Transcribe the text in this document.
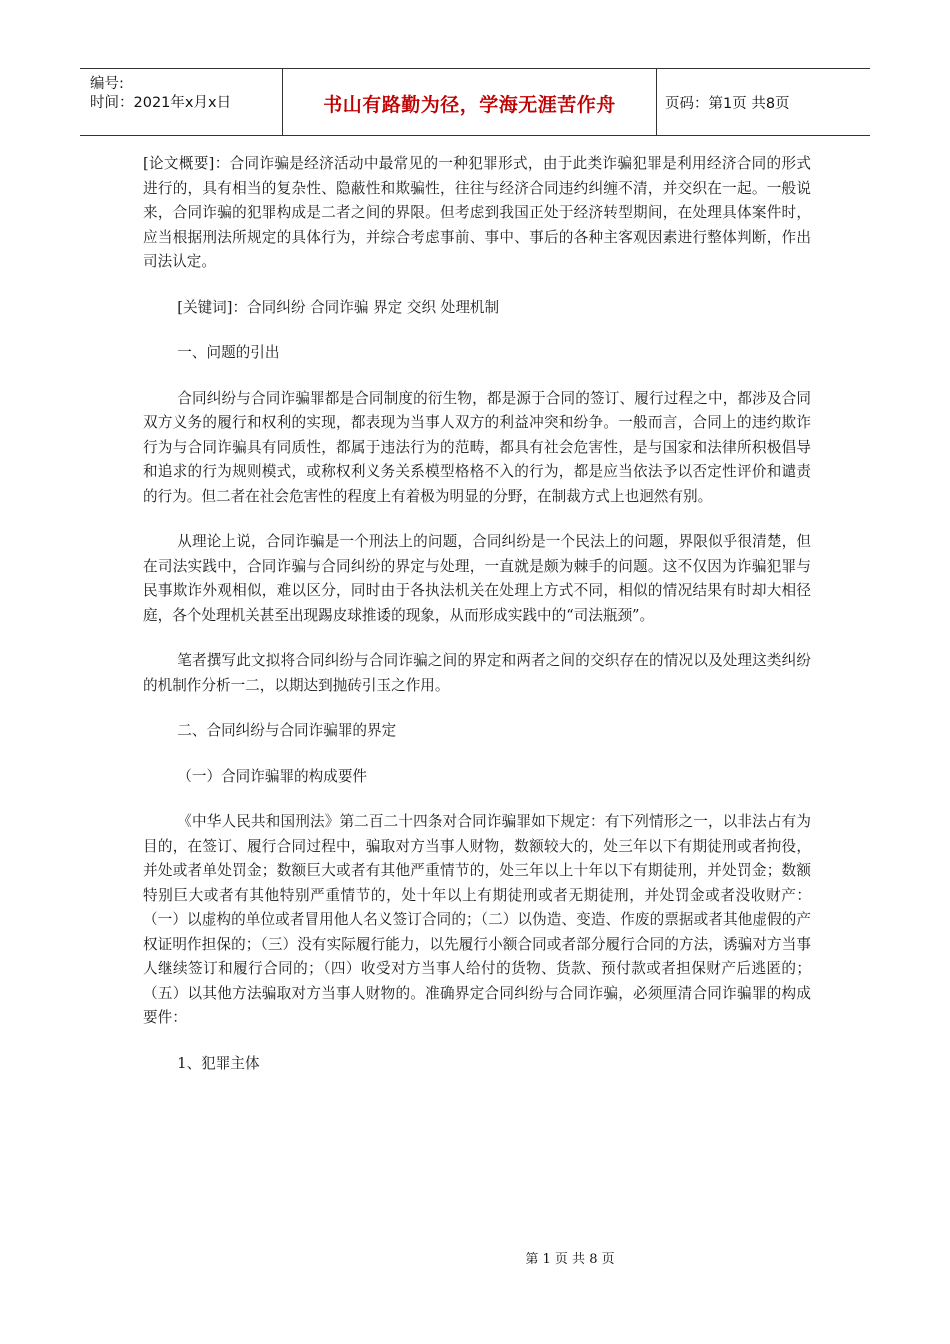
编号:
时间：2021年x月x日	书山有路勤为径，学海无涯苦作舟	页码：第1页 共8页

[论文概要]：合同诈骗是经济活动中最常见的一种犯罪形式，由于此类诈骗犯罪是利用经济合同的形式进行的，具有相当的复杂性、隐蔽性和欺骗性，往往与经济合同违约纠缠不清，并交织在一起。一般说来，合同诈骗的犯罪构成是二者之间的界限。但考虑到我国正处于经济转型期间，在处理具体案件时，应当根据刑法所规定的具体行为，并综合考虑事前、事中、事后的各种主客观因素进行整体判断，作出司法认定。

[关键词]：合同纠纷 合同诈骗 界定 交织 处理机制

一、问题的引出

合同纠纷与合同诈骗罪都是合同制度的衍生物，都是源于合同的签订、履行过程之中，都涉及合同双方义务的履行和权利的实现，都表现为当事人双方的利益冲突和纷争。一般而言，合同上的违约欺诈行为与合同诈骗具有同质性，都属于违法行为的范畴，都具有社会危害性，是与国家和法律所积极倡导和追求的行为规则模式，或称权利义务关系模型格格不入的行为，都是应当依法予以否定性评价和谴责的行为。但二者在社会危害性的程度上有着极为明显的分野，在制裁方式上也迥然有别。

从理论上说，合同诈骗是一个刑法上的问题，合同纠纷是一个民法上的问题，界限似乎很清楚，但在司法实践中，合同诈骗与合同纠纷的界定与处理，一直就是颇为棘手的问题。这不仅因为诈骗犯罪与民事欺诈外观相似，难以区分，同时由于各执法机关在处理上方式不同，相似的情况结果有时却大相径庭，各个处理机关甚至出现踢皮球推诿的现象，从而形成实践中的“司法瓶颈”。

笔者撰写此文拟将合同纠纷与合同诈骗之间的界定和两者之间的交织存在的情况以及处理这类纠纷的机制作分析一二，以期达到抛砖引玉之作用。

二、合同纠纷与合同诈骗罪的界定

（一）合同诈骗罪的构成要件

《中华人民共和国刑法》第二百二十四条对合同诈骗罪如下规定：有下列情形之一，以非法占有为目的，在签订、履行合同过程中，骗取对方当事人财物，数额较大的，处三年以下有期徒刑或者拘役，并处或者单处罚金；数额巨大或者有其他严重情节的，处三年以上十年以下有期徒刑，并处罚金；数额特别巨大或者有其他特别严重情节的，处十年以上有期徒刑或者无期徒刑，并处罚金或者没收财产：（一）以虚构的单位或者冒用他人名义签订合同的；（二）以伪造、变造、作废的票据或者其他虚假的产权证明作担保的；（三）没有实际履行能力，以先履行小额合同或者部分履行合同的方法，诱骗对方当事人继续签订和履行合同的；（四）收受对方当事人给付的货物、货款、预付款或者担保财产后逃匿的；（五）以其他方法骗取对方当事人财物的。准确界定合同纠纷与合同诈骗，必须厘清合同诈骗罪的构成要件：

1、犯罪主体

第 1 页 共 8 页
